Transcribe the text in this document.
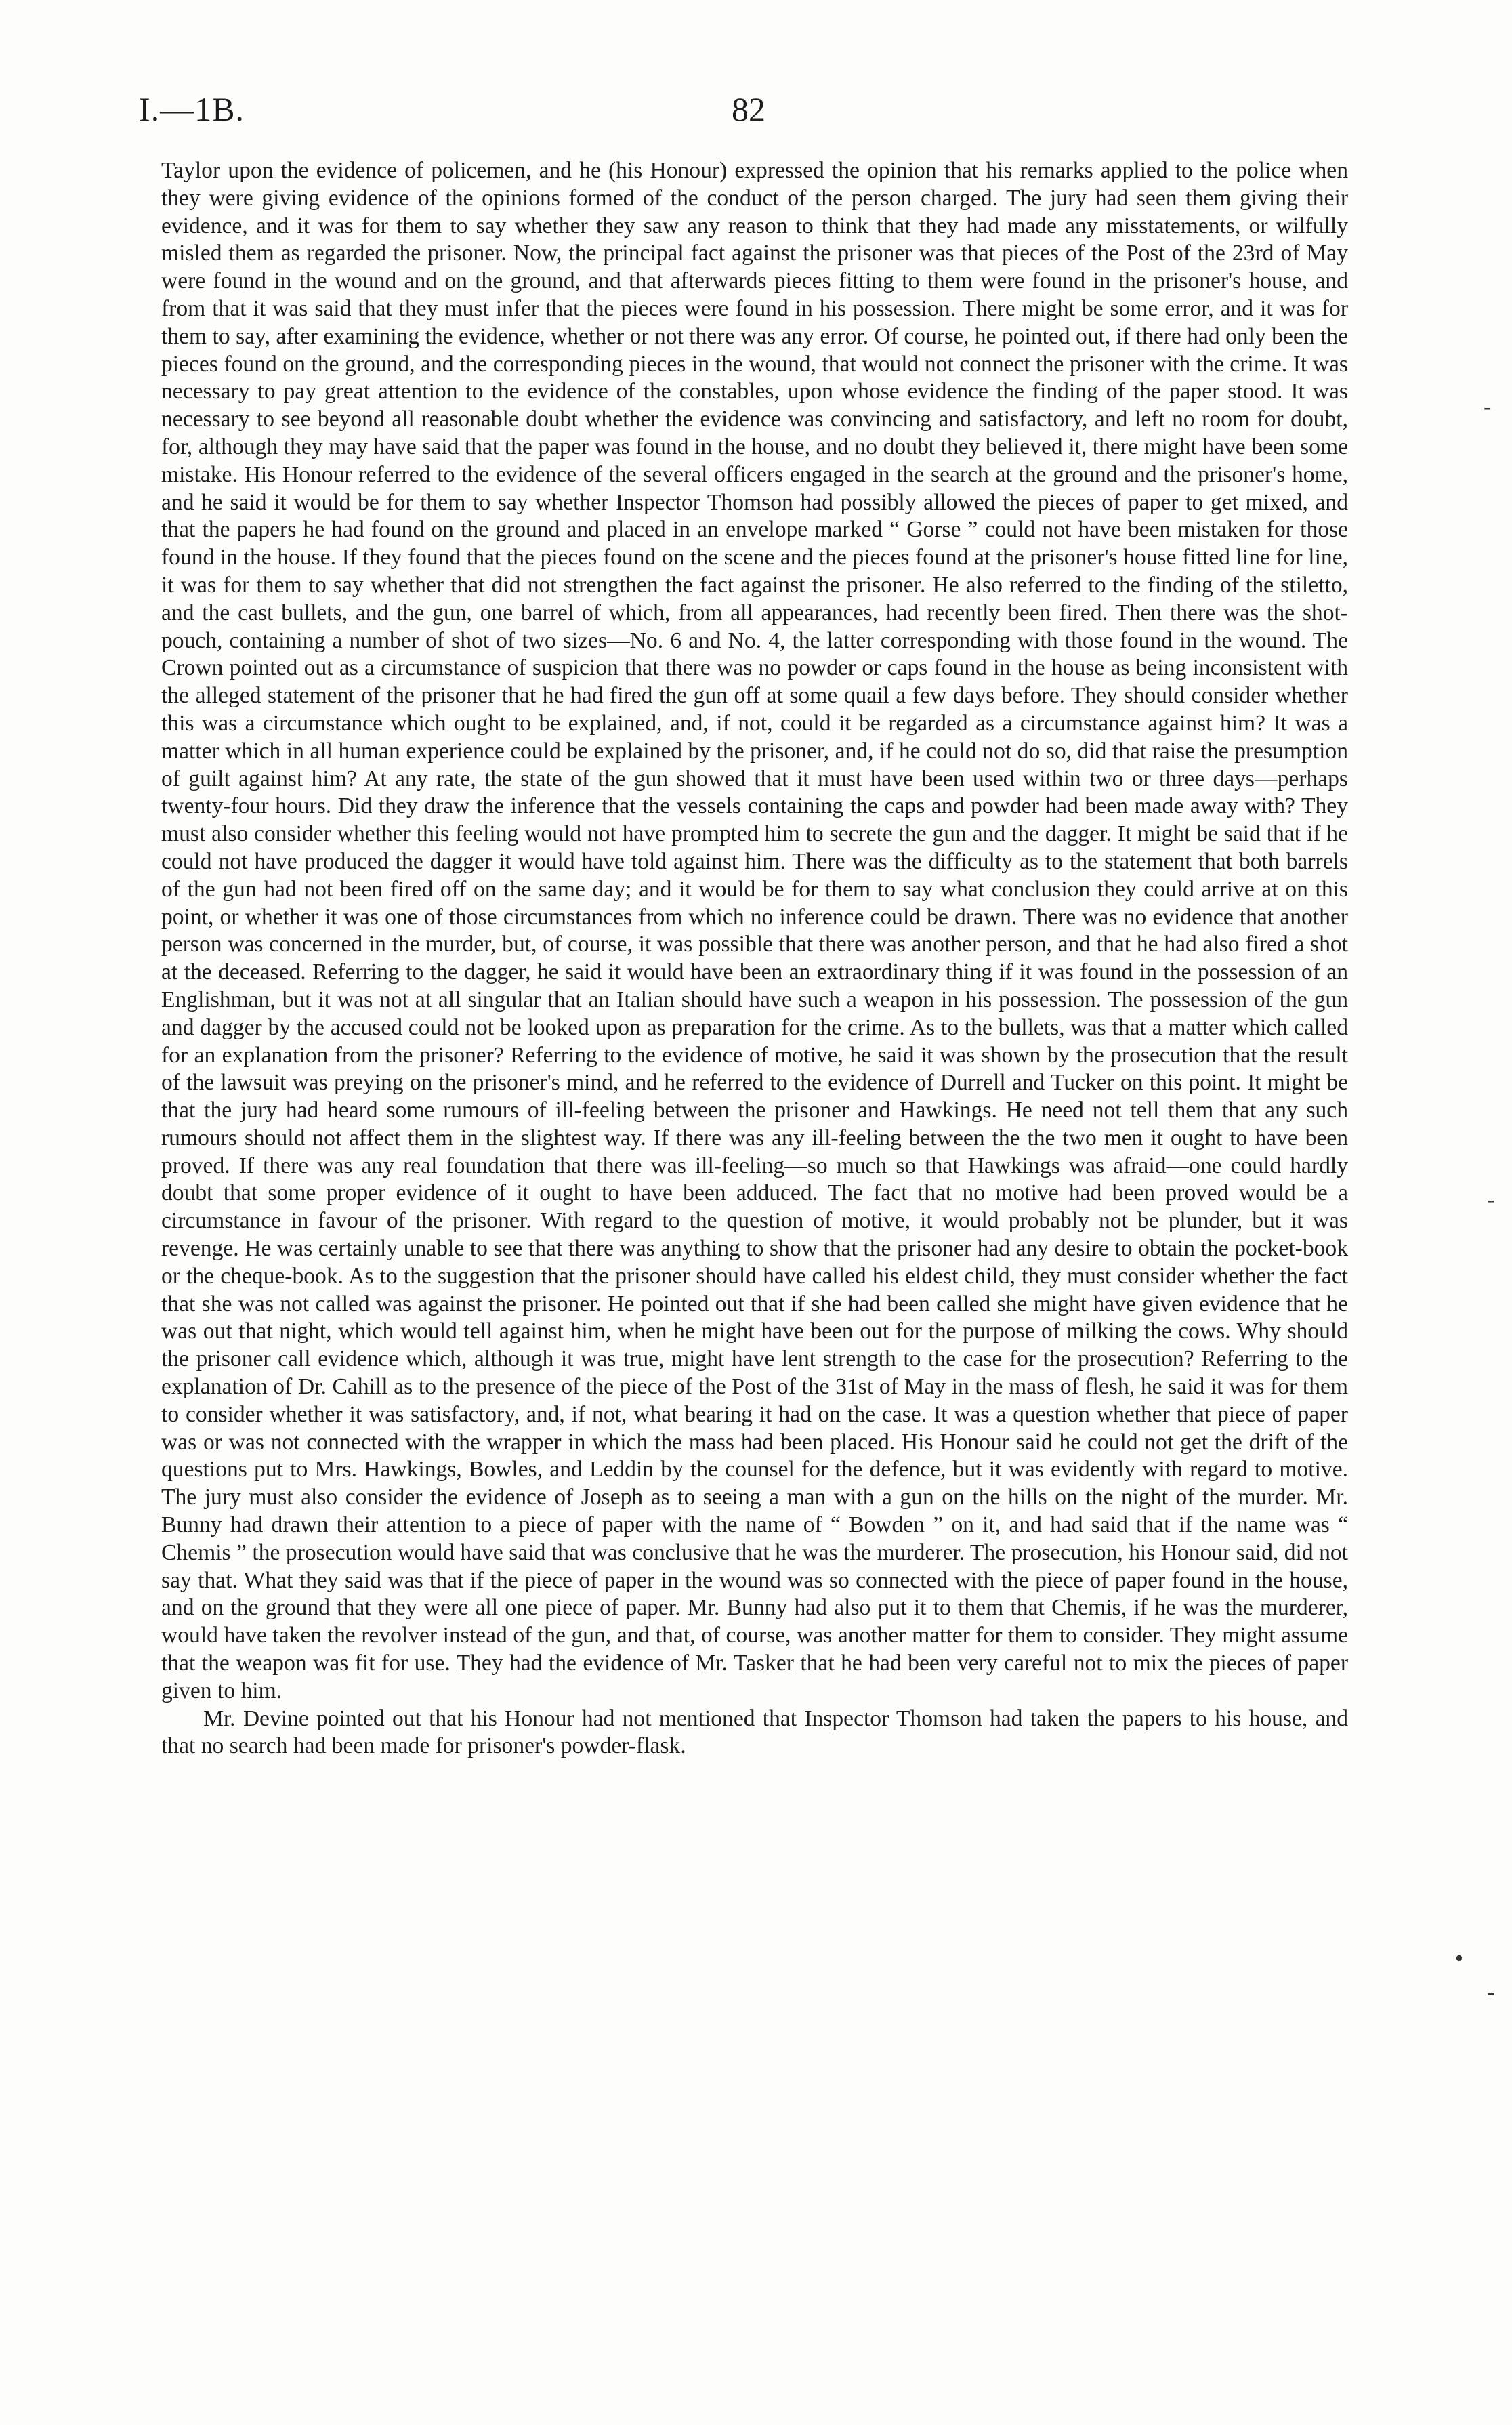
I.—1B.	82

Taylor upon the evidence of policemen, and he (his Honour) expressed the opinion that his remarks applied to the police when they were giving evidence of the opinions formed of the conduct of the person charged. The jury had seen them giving their evidence, and it was for them to say whether they saw any reason to think that they had made any misstatements, or wilfully misled them as regarded the prisoner. Now, the principal fact against the prisoner was that pieces of the Post of the 23rd of May were found in the wound and on the ground, and that afterwards pieces fitting to them were found in the prisoner's house, and from that it was said that they must infer that the pieces were found in his possession. There might be some error, and it was for them to say, after examining the evidence, whether or not there was any error. Of course, he pointed out, if there had only been the pieces found on the ground, and the corresponding pieces in the wound, that would not connect the prisoner with the crime. It was necessary to pay great attention to the evidence of the constables, upon whose evidence the finding of the paper stood. It was necessary to see beyond all reasonable doubt whether the evidence was convincing and satisfactory, and left no room for doubt, for, although they may have said that the paper was found in the house, and no doubt they believed it, there might have been some mistake. His Honour referred to the evidence of the several officers engaged in the search at the ground and the prisoner's home, and he said it would be for them to say whether Inspector Thomson had possibly allowed the pieces of paper to get mixed, and that the papers he had found on the ground and placed in an envelope marked “ Gorse ” could not have been mistaken for those found in the house. If they found that the pieces found on the scene and the pieces found at the prisoner's house fitted line for line, it was for them to say whether that did not strengthen the fact against the prisoner. He also referred to the finding of the stiletto, and the cast bullets, and the gun, one barrel of which, from all appearances, had recently been fired. Then there was the shot-pouch, containing a number of shot of two sizes—No. 6 and No. 4, the latter corresponding with those found in the wound. The Crown pointed out as a circumstance of suspicion that there was no powder or caps found in the house as being inconsistent with the alleged statement of the prisoner that he had fired the gun off at some quail a few days before. They should consider whether this was a circumstance which ought to be explained, and, if not, could it be regarded as a circumstance against him? It was a matter which in all human experience could be explained by the prisoner, and, if he could not do so, did that raise the presumption of guilt against him? At any rate, the state of the gun showed that it must have been used within two or three days—perhaps twenty-four hours. Did they draw the inference that the vessels containing the caps and powder had been made away with? They must also consider whether this feeling would not have prompted him to secrete the gun and the dagger. It might be said that if he could not have produced the dagger it would have told against him. There was the difficulty as to the statement that both barrels of the gun had not been fired off on the same day; and it would be for them to say what conclusion they could arrive at on this point, or whether it was one of those circumstances from which no inference could be drawn. There was no evidence that another person was concerned in the murder, but, of course, it was possible that there was another person, and that he had also fired a shot at the deceased. Referring to the dagger, he said it would have been an extraordinary thing if it was found in the possession of an Englishman, but it was not at all singular that an Italian should have such a weapon in his possession. The possession of the gun and dagger by the accused could not be looked upon as preparation for the crime. As to the bullets, was that a matter which called for an explanation from the prisoner? Referring to the evidence of motive, he said it was shown by the prosecution that the result of the lawsuit was preying on the prisoner's mind, and he referred to the evidence of Durrell and Tucker on this point. It might be that the jury had heard some rumours of ill-feeling between the prisoner and Hawkings. He need not tell them that any such rumours should not affect them in the slightest way. If there was any ill-feeling between the the two men it ought to have been proved. If there was any real foundation that there was ill-feeling—so much so that Hawkings was afraid—one could hardly doubt that some proper evidence of it ought to have been adduced. The fact that no motive had been proved would be a circumstance in favour of the prisoner. With regard to the question of motive, it would probably not be plunder, but it was revenge. He was certainly unable to see that there was anything to show that the prisoner had any desire to obtain the pocket-book or the cheque-book. As to the suggestion that the prisoner should have called his eldest child, they must consider whether the fact that she was not called was against the prisoner. He pointed out that if she had been called she might have given evidence that he was out that night, which would tell against him, when he might have been out for the purpose of milking the cows. Why should the prisoner call evidence which, although it was true, might have lent strength to the case for the prosecution? Referring to the explanation of Dr. Cahill as to the presence of the piece of the Post of the 31st of May in the mass of flesh, he said it was for them to consider whether it was satisfactory, and, if not, what bearing it had on the case. It was a question whether that piece of paper was or was not connected with the wrapper in which the mass had been placed. His Honour said he could not get the drift of the questions put to Mrs. Hawkings, Bowles, and Leddin by the counsel for the defence, but it was evidently with regard to motive. The jury must also consider the evidence of Joseph as to seeing a man with a gun on the hills on the night of the murder. Mr. Bunny had drawn their attention to a piece of paper with the name of “ Bowden ” on it, and had said that if the name was “ Chemis ” the prosecution would have said that was conclusive that he was the murderer. The prosecution, his Honour said, did not say that. What they said was that if the piece of paper in the wound was so connected with the piece of paper found in the house, and on the ground that they were all one piece of paper. Mr. Bunny had also put it to them that Chemis, if he was the murderer, would have taken the revolver instead of the gun, and that, of course, was another matter for them to consider. They might assume that the weapon was fit for use. They had the evidence of Mr. Tasker that he had been very careful not to mix the pieces of paper given to him.

Mr. Devine pointed out that his Honour had not mentioned that Inspector Thomson had taken the papers to his house, and that no search had been made for prisoner's powder-flask.

-
-
•
-
